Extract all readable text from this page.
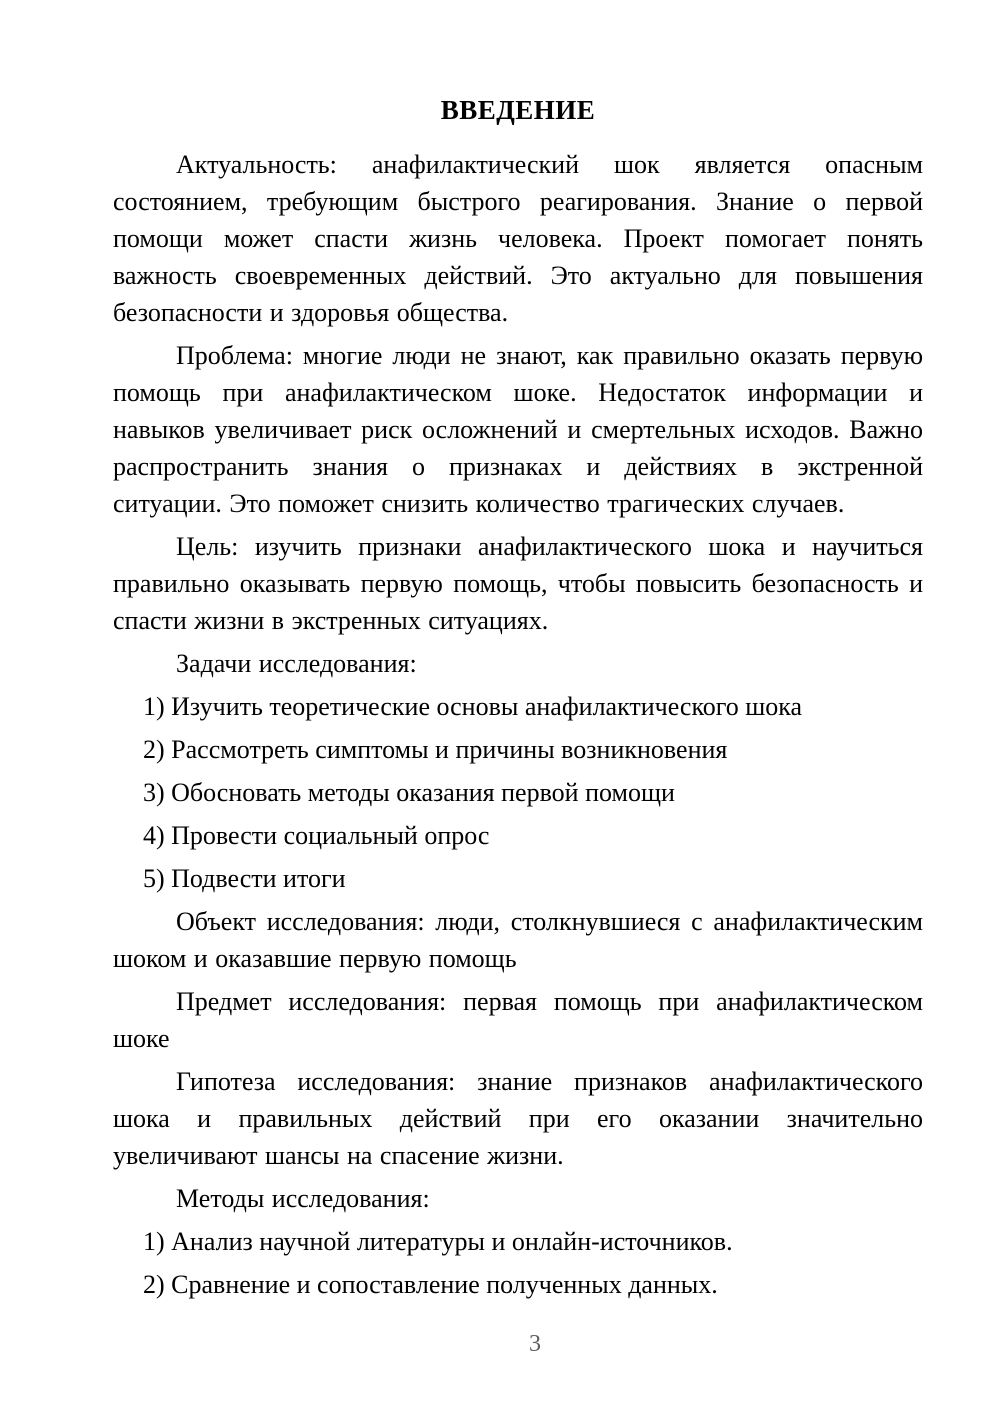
ВВЕДЕНИЕ

Актуальность: анафилактический шок является опасным состоянием, требующим быстрого реагирования. Знание о первой помощи может спасти жизнь человека. Проект помогает понять важность своевременных действий. Это актуально для повышения безопасности и здоровья общества.

Проблема: многие люди не знают, как правильно оказать первую помощь при анафилактическом шоке. Недостаток информации и навыков увеличивает риск осложнений и смертельных исходов. Важно распространить знания о признаках и действиях в экстренной ситуации. Это поможет снизить количество трагических случаев.

Цель: изучить признаки анафилактического шока и научиться правильно оказывать первую помощь, чтобы повысить безопасность и спасти жизни в экстренных ситуациях.

Задачи исследования:

1) Изучить теоретические основы анафилактического шока

2) Рассмотреть симптомы и причины возникновения

3) Обосновать методы оказания первой помощи

4) Провести социальный опрос

5) Подвести итоги

Объект исследования: люди, столкнувшиеся с анафилактическим шоком и оказавшие первую помощь

Предмет исследования: первая помощь при анафилактическом шоке

Гипотеза исследования: знание признаков анафилактического шока и правильных действий при его оказании значительно увеличивают шансы на спасение жизни.

Методы исследования:

1) Анализ научной литературы и онлайн-источников.

2) Сравнение и сопоставление полученных данных.

3
